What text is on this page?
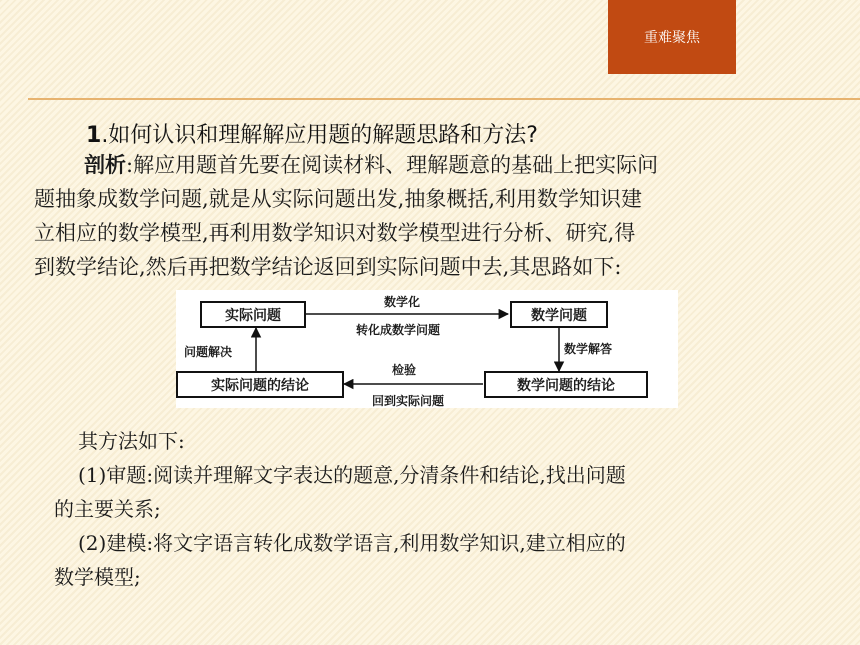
重难聚焦
1.如何认识和理解解应用题的解题思路和方法?
剖析:解应用题首先要在阅读材料、理解题意的基础上把实际问
题抽象成数学问题,就是从实际问题出发,抽象概括,利用数学知识建
立相应的数学模型,再利用数学知识对数学模型进行分析、研究,得
到数学结论,然后再把数学结论返回到实际问题中去,其思路如下:
实际问题	数学问题
实际问题的结论	数学问题的结论
数学化
转化成数学问题
数学解答
问题解决
检验
回到实际问题
其方法如下:
(1)审题:阅读并理解文字表达的题意,分清条件和结论,找出问题
的主要关系;
(2)建模:将文字语言转化成数学语言,利用数学知识,建立相应的
数学模型;
